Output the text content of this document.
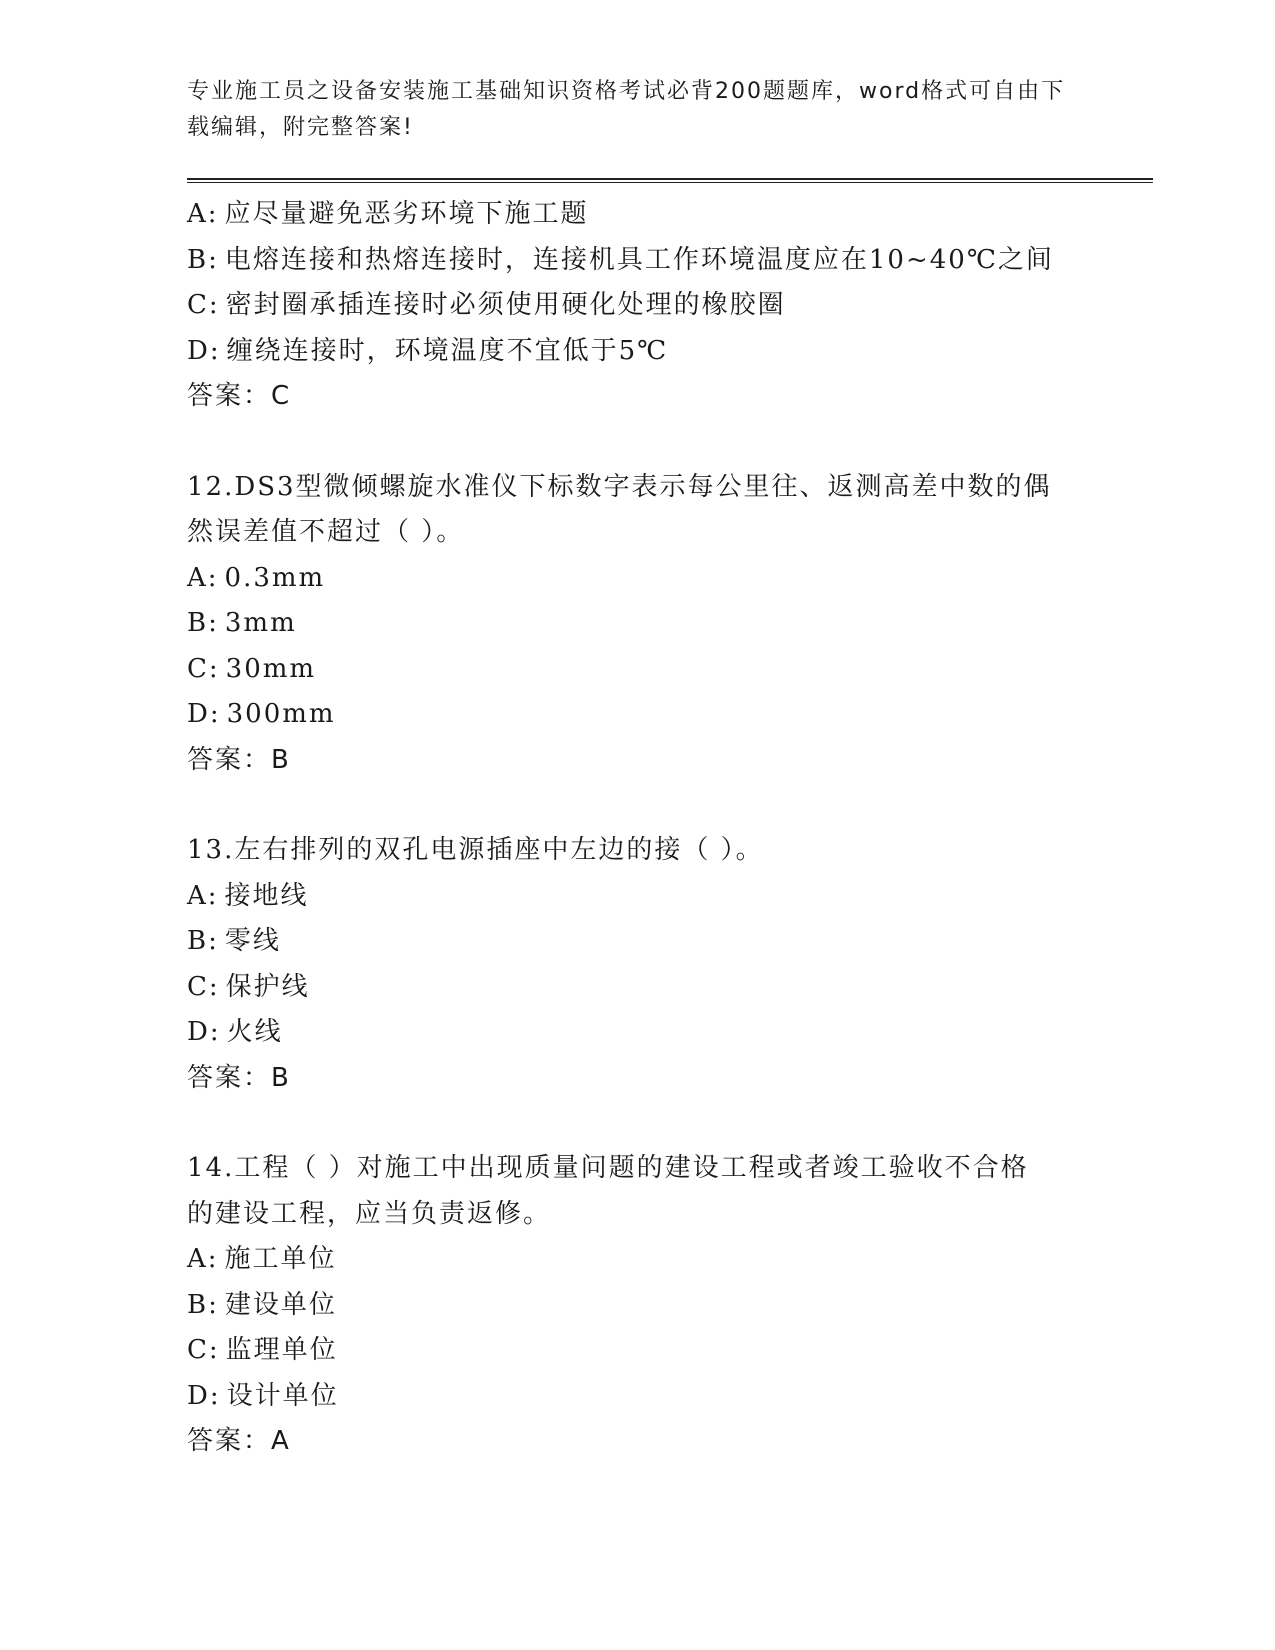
专业施工员之设备安装施工基础知识资格考试必背200题题库，word格式可自由下载编辑，附完整答案!
A: 应尽量避免恶劣环境下施工题
B: 电熔连接和热熔连接时，连接机具工作环境温度应在10~40℃之间
C: 密封圈承插连接时必须使用硬化处理的橡胶圈
D: 缠绕连接时，环境温度不宜低于5℃
答案：C
12.DS3型微倾螺旋水准仪下标数字表示每公里往、返测高差中数的偶
然误差值不超过（ ）。
A: 0.3mm
B: 3mm
C: 30mm
D: 300mm
答案：B
13.左右排列的双孔电源插座中左边的接（ ）。
A: 接地线
B: 零线
C: 保护线
D: 火线
答案：B
14.工程（ ）对施工中出现质量问题的建设工程或者竣工验收不合格
的建设工程，应当负责返修。
A: 施工单位
B: 建设单位
C: 监理单位
D: 设计单位
答案：A
